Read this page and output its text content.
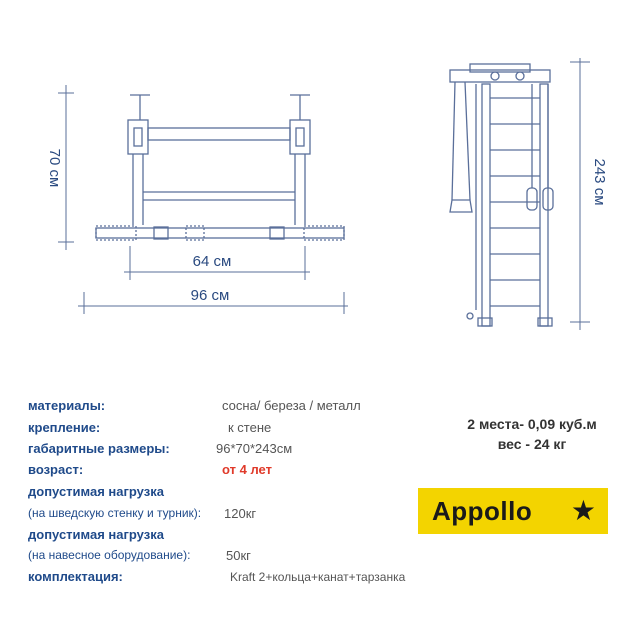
70 см
64 см
96 см
243 см
материалы:	сосна/ береза / металл
крепление:	к стене
габаритные размеры:	96*70*243см
возраст:	от 4 лет
допустимая нагрузка
(на шведскую стенку и турник): 120кг
допустимая нагрузка
(на навесное оборудование):	50кг
комплектация:	Kraft 2+кольца+канат+тарзанка
2 места- 0,09 куб.м
вес - 24 кг
Appollo ★
